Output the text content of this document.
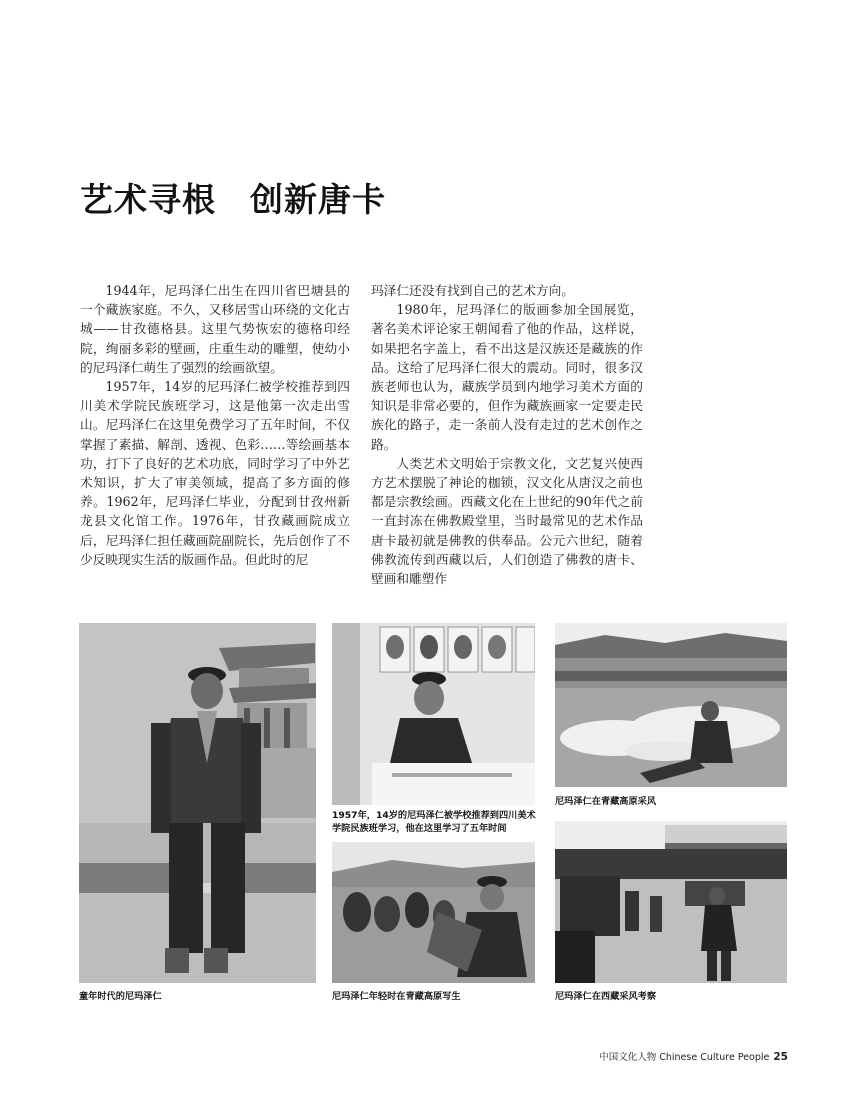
艺术寻根 创新唐卡

1944年，尼玛泽仁出生在四川省巴塘县的一个藏族家庭。不久，又移居雪山环绕的文化古城——甘孜德格县。这里气势恢宏的德格印经院，绚丽多彩的壁画，庄重生动的雕塑，使幼小的尼玛泽仁萌生了强烈的绘画欲望。

1957年，14岁的尼玛泽仁被学校推荐到四川美术学院民族班学习，这是他第一次走出雪山。尼玛泽仁在这里免费学习了五年时间，不仅掌握了素描、解剖、透视、色彩……等绘画基本功，打下了良好的艺术功底，同时学习了中外艺术知识，扩大了审美领域，提高了多方面的修养。1962年，尼玛泽仁毕业，分配到甘孜州新龙县文化馆工作。1976年，甘孜藏画院成立后，尼玛泽仁担任藏画院副院长，先后创作了不少反映现实生活的版画作品。但此时的尼

玛泽仁还没有找到自己的艺术方向。

1980年，尼玛泽仁的版画参加全国展览，著名美术评论家王朝闻看了他的作品，这样说，如果把名字盖上，看不出这是汉族还是藏族的作品。这给了尼玛泽仁很大的震动。同时，很多汉族老师也认为，藏族学员到内地学习美术方面的知识是非常必要的，但作为藏族画家一定要走民族化的路子，走一条前人没有走过的艺术创作之路。

人类艺术文明始于宗教文化，文艺复兴使西方艺术摆脱了神论的枷锁，汉文化从唐汉之前也都是宗教绘画。西藏文化在上世纪的90年代之前一直封冻在佛教殿堂里，当时最常见的艺术作品唐卡最初就是佛教的供奉品。公元六世纪，随着佛教流传到西藏以后，人们创造了佛教的唐卡、壁画和雕塑作

童年时代的尼玛泽仁
1957年，14岁的尼玛泽仁被学校推荐到四川美术学院民族班学习，他在这里学习了五年时间
尼玛泽仁年轻时在青藏高原写生
尼玛泽仁在青藏高原采风
尼玛泽仁在西藏采风考察
中国文化人物 Chinese Culture People 25
